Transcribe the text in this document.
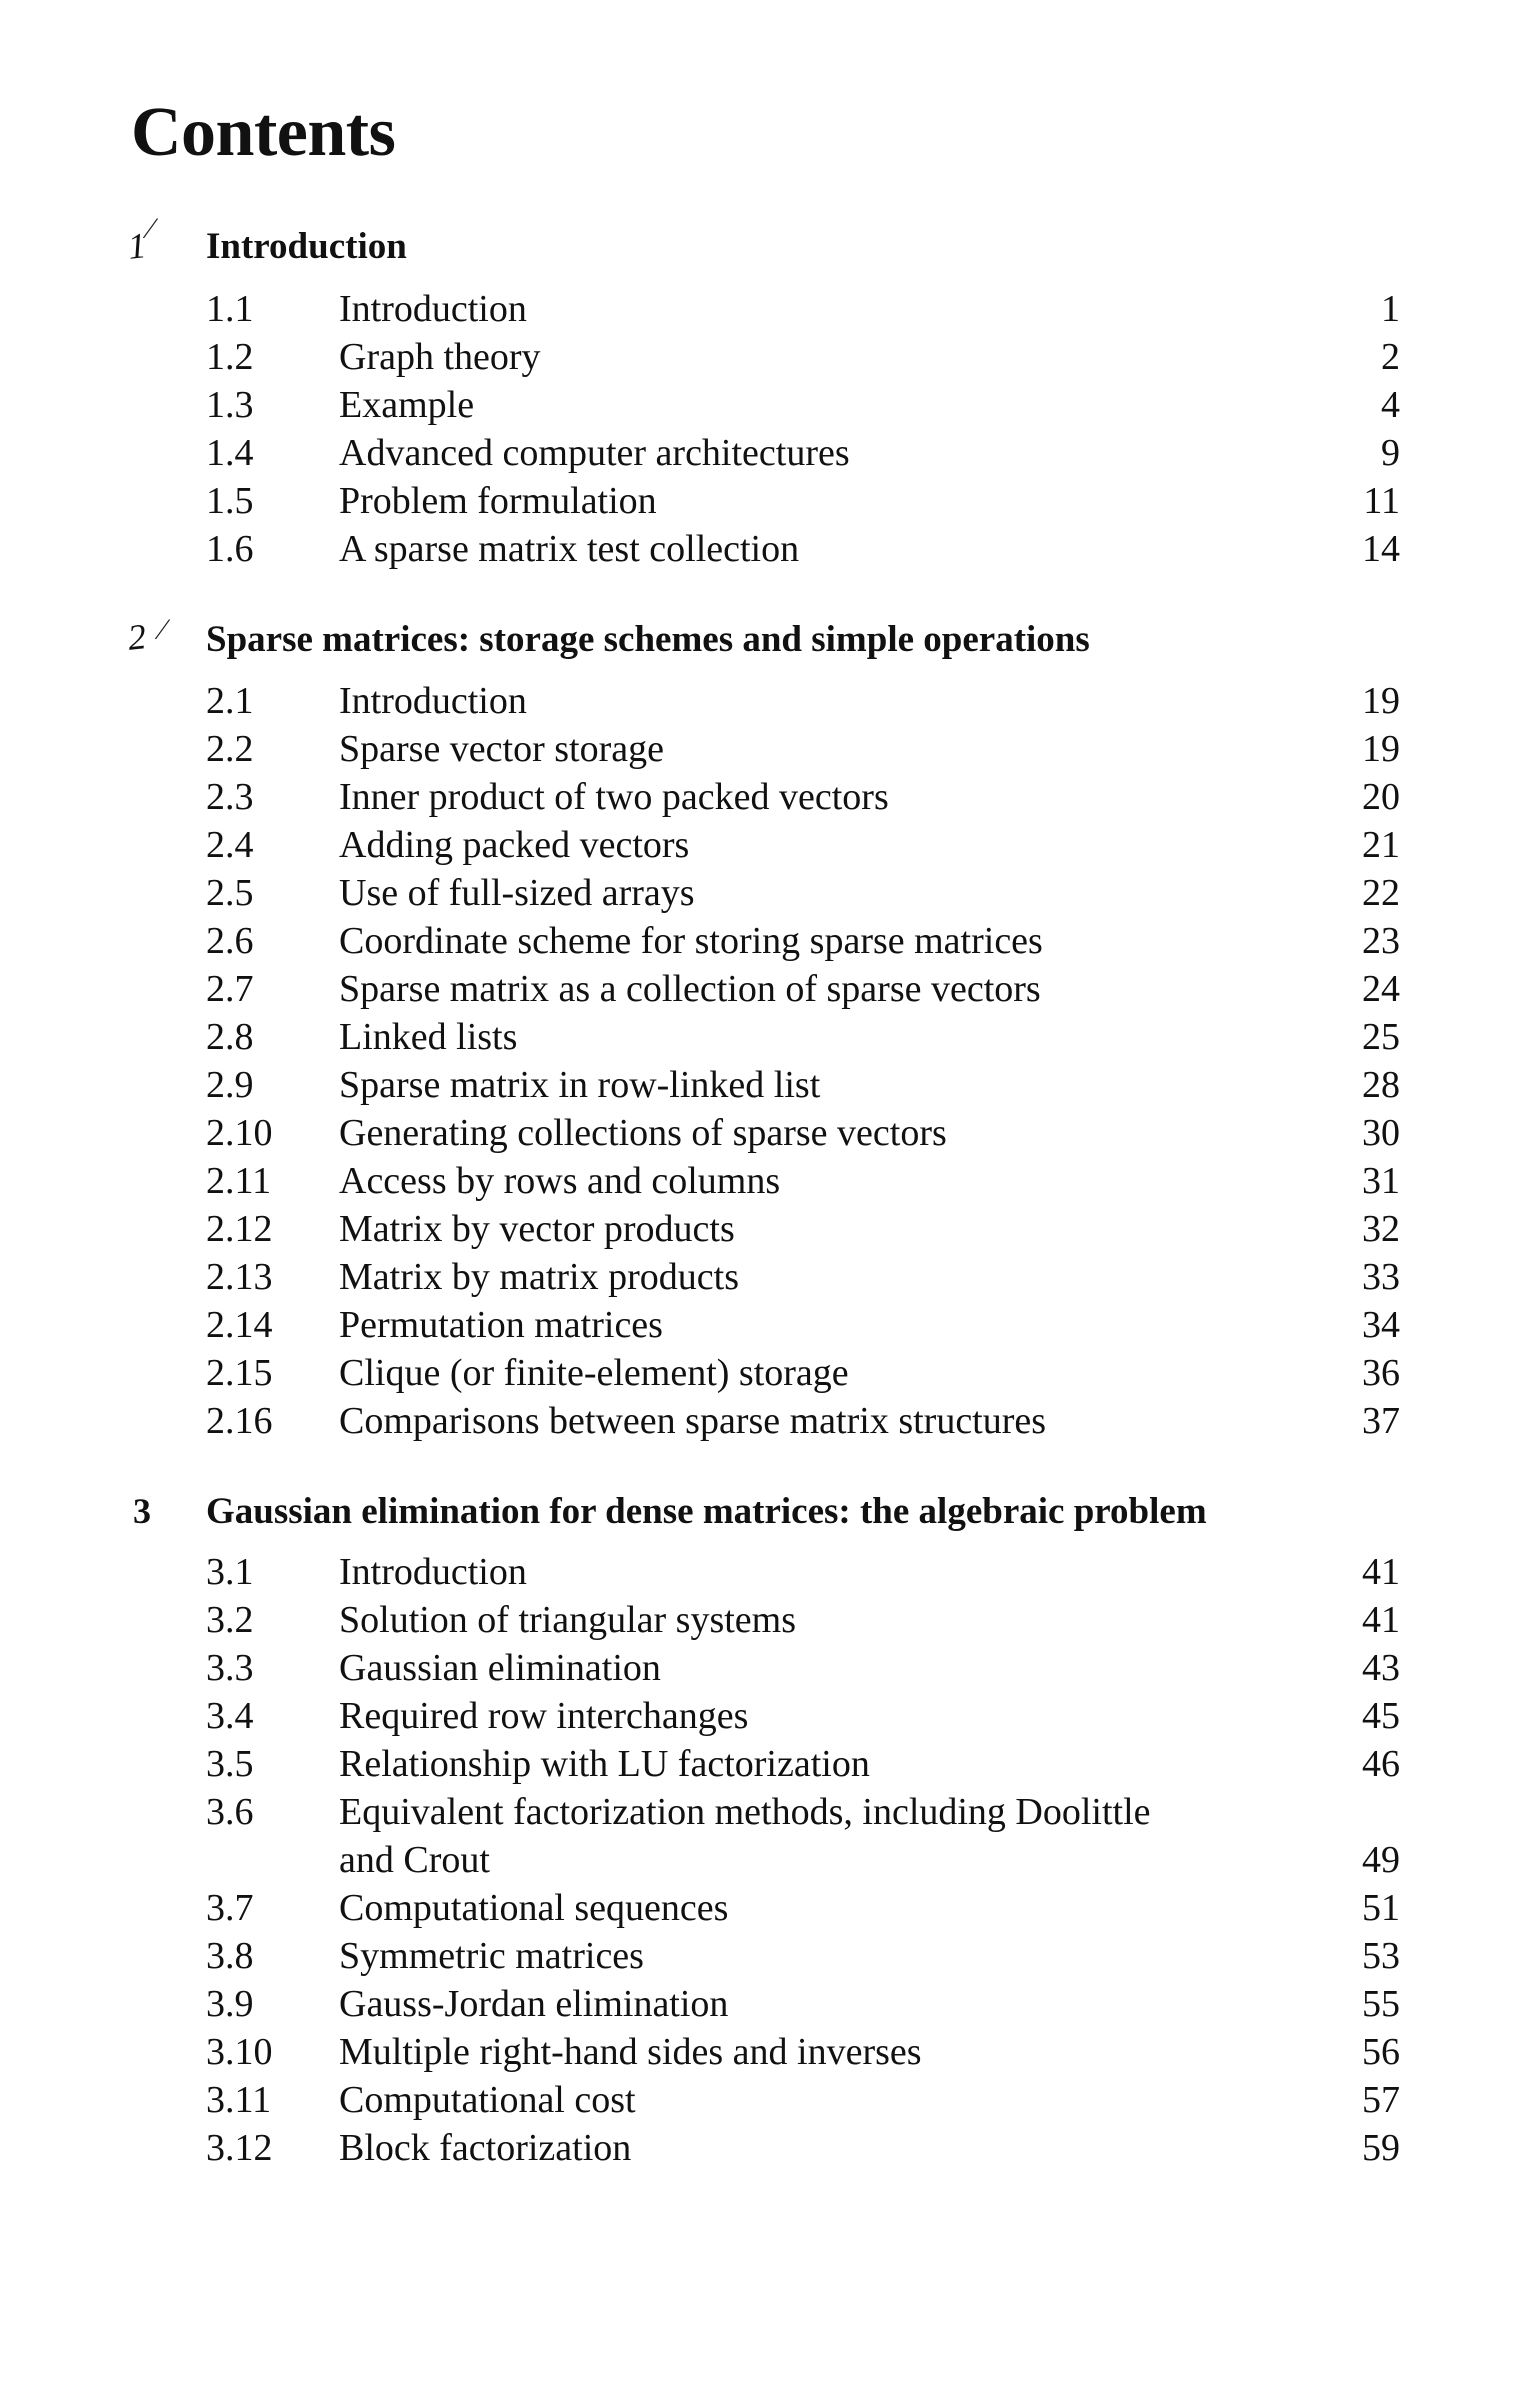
Contents
1 ⁄ Introduction
1.1 Introduction	1
1.2 Graph theory	2
1.3 Example	4
1.4 Advanced computer architectures	9
1.5 Problem formulation	11
1.6 A sparse matrix test collection	14
2 ⁄ Sparse matrices: storage schemes and simple operations
2.1 Introduction	19
2.2 Sparse vector storage	19
2.3 Inner product of two packed vectors	20
2.4 Adding packed vectors	21
2.5 Use of full-sized arrays	22
2.6 Coordinate scheme for storing sparse matrices	23
2.7 Sparse matrix as a collection of sparse vectors	24
2.8 Linked lists	25
2.9 Sparse matrix in row-linked list	28
2.10 Generating collections of sparse vectors	30
2.11 Access by rows and columns	31
2.12 Matrix by vector products	32
2.13 Matrix by matrix products	33
2.14 Permutation matrices	34
2.15 Clique (or finite-element) storage	36
2.16 Comparisons between sparse matrix structures	37
3 Gaussian elimination for dense matrices: the algebraic problem
3.1 Introduction	41
3.2 Solution of triangular systems	41
3.3 Gaussian elimination	43
3.4 Required row interchanges	45
3.5 Relationship with LU factorization	46
3.6 Equivalent factorization methods, including Doolittle
and Crout	49
3.7 Computational sequences	51
3.8 Symmetric matrices	53
3.9 Gauss-Jordan elimination	55
3.10 Multiple right-hand sides and inverses	56
3.11 Computational cost	57
3.12 Block factorization	59
